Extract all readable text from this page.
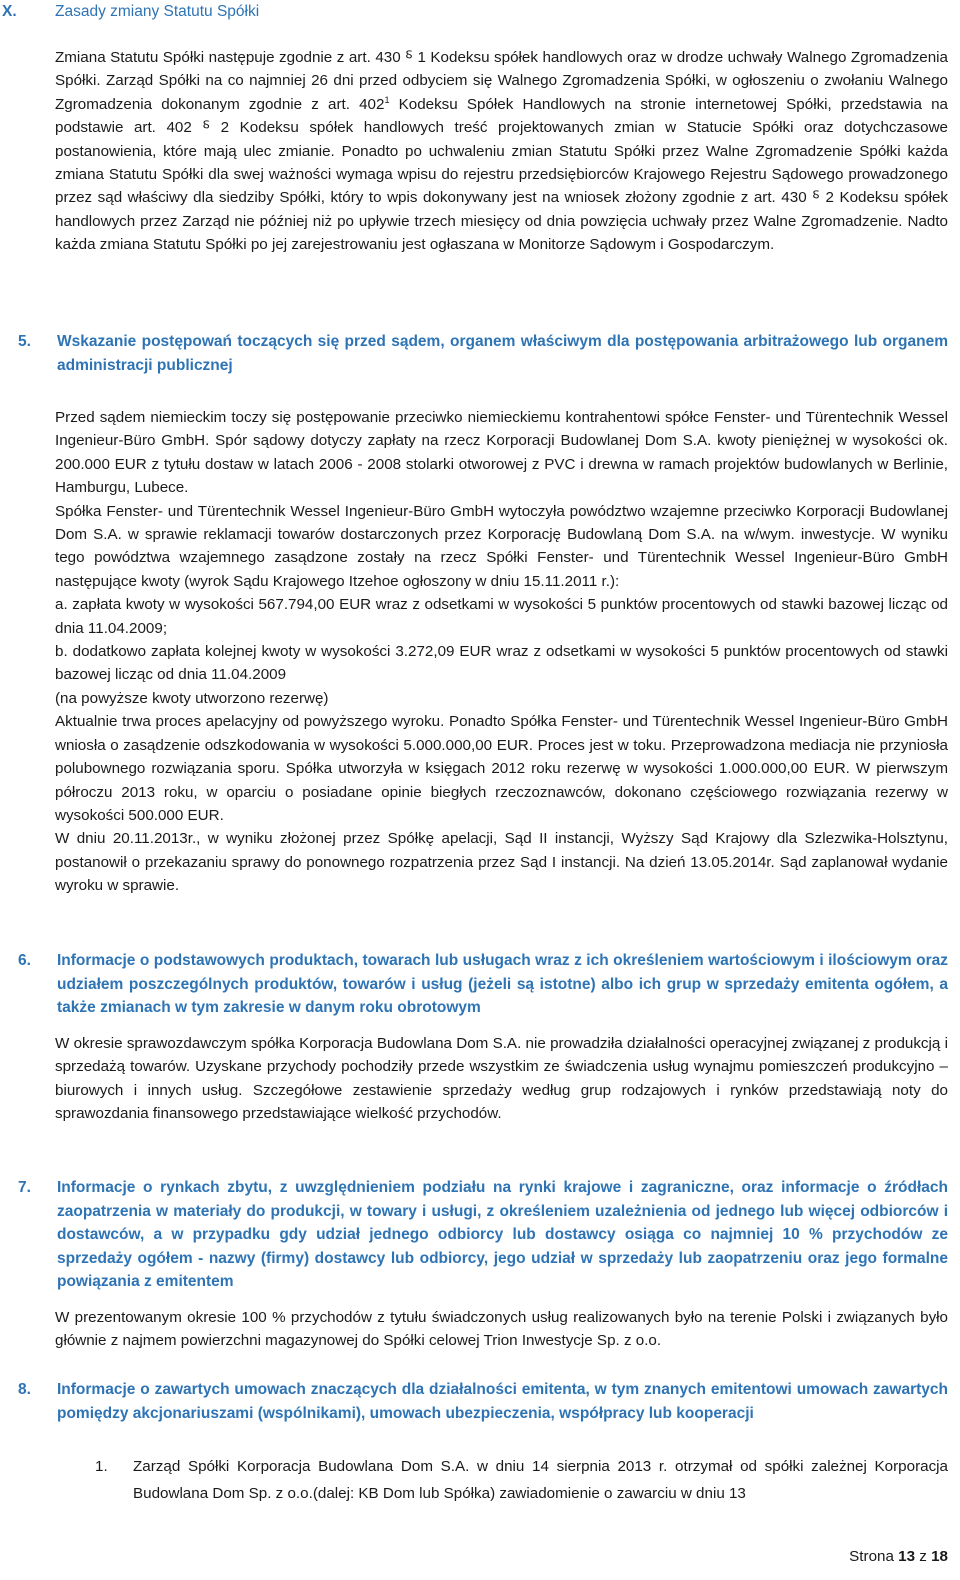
X. Zasady zmiany Statutu Spółki

Zmiana Statutu Spółki następuje zgodnie z art. 430 ⸹ 1 Kodeksu spółek handlowych oraz w drodze uchwały Walnego Zgromadzenia Spółki. Zarząd Spółki na co najmniej 26 dni przed odbyciem się Walnego Zgromadzenia Spółki, w ogłoszeniu o zwołaniu Walnego Zgromadzenia dokonanym zgodnie z art. $402^1$ Kodeksu Spółek Handlowych na stronie internetowej Spółki, przedstawia na podstawie art. 402 ⸹ 2 Kodeksu spółek handlowych treść projektowanych zmian w Statucie Spółki oraz dotychczasowe postanowienia, które mają ulec zmianie. Ponadto po uchwaleniu zmian Statutu Spółki przez Walne Zgromadzenie Spółki każda zmiana Statutu Spółki dla swej ważności wymaga wpisu do rejestru przedsiębiorców Krajowego Rejestru Sądowego prowadzonego przez sąd właściwy dla siedziby Spółki, który to wpis dokonywany jest na wniosek złożony zgodnie z art. 430 ⸹ 2 Kodeksu spółek handlowych przez Zarząd nie później niż po upływie trzech miesięcy od dnia powzięcia uchwały przez Walne Zgromadzenie. Nadto każda zmiana Statutu Spółki po jej zarejestrowaniu jest ogłaszana w Monitorze Sądowym i Gospodarczym.

5. Wskazanie postępowań toczących się przed sądem, organem właściwym dla postępowania arbitrażowego lub organem administracji publicznej

Przed sądem niemieckim toczy się postępowanie przeciwko niemieckiemu kontrahentowi spółce Fenster- und Türentechnik Wessel Ingenieur-Büro GmbH. Spór sądowy dotyczy zapłaty na rzecz Korporacji Budowlanej Dom S.A. kwoty pieniężnej w wysokości ok. 200.000 EUR z tytułu dostaw w latach 2006 - 2008 stolarki otworowej z PVC i drewna w ramach projektów budowlanych w Berlinie, Hamburgu, Lubece.

Spółka Fenster- und Türentechnik Wessel Ingenieur-Büro GmbH wytoczyła powództwo wzajemne przeciwko Korporacji Budowlanej Dom S.A. w sprawie reklamacji towarów dostarczonych przez Korporację Budowlaną Dom S.A. na w/wym. inwestycje. W wyniku tego powództwa wzajemnego zasądzone zostały na rzecz Spółki Fenster- und Türentechnik Wessel Ingenieur-Büro GmbH następujące kwoty (wyrok Sądu Krajowego Itzehoe ogłoszony w dniu 15.11.2011 r.):

a. zapłata kwoty w wysokości 567.794,00 EUR wraz z odsetkami w wysokości 5 punktów procentowych od stawki bazowej licząc od dnia 11.04.2009;

b. dodatkowo zapłata kolejnej kwoty w wysokości 3.272,09 EUR wraz z odsetkami w wysokości 5 punktów procentowych od stawki bazowej licząc od dnia 11.04.2009

(na powyższe kwoty utworzono rezerwę)

Aktualnie trwa proces apelacyjny od powyższego wyroku. Ponadto Spółka Fenster- und Türentechnik Wessel Ingenieur-Büro GmbH wniosła o zasądzenie odszkodowania w wysokości 5.000.000,00 EUR. Proces jest w toku. Przeprowadzona mediacja nie przyniosła polubownego rozwiązania sporu. Spółka utworzyła w księgach 2012 roku rezerwę w wysokości 1.000.000,00 EUR. W pierwszym półroczu 2013 roku, w oparciu o posiadane opinie biegłych rzeczoznawców, dokonano częściowego rozwiązania rezerwy w wysokości 500.000 EUR.

W dniu 20.11.2013r., w wyniku złożonej przez Spółkę apelacji, Sąd II instancji, Wyższy Sąd Krajowy dla Szlezwika-Holsztynu, postanowił o przekazaniu sprawy do ponownego rozpatrzenia przez Sąd I instancji. Na dzień 13.05.2014r. Sąd zaplanował wydanie wyroku w sprawie.

6. Informacje o podstawowych produktach, towarach lub usługach wraz z ich określeniem wartościowym i ilościowym oraz udziałem poszczególnych produktów, towarów i usług (jeżeli są istotne) albo ich grup w sprzedaży emitenta ogółem, a także zmianach w tym zakresie w danym roku obrotowym

W okresie sprawozdawczym spółka Korporacja Budowlana Dom S.A. nie prowadziła działalności operacyjnej związanej z produkcją i sprzedażą towarów. Uzyskane przychody pochodziły przede wszystkim ze świadczenia usług wynajmu pomieszczeń produkcyjno – biurowych i innych usług. Szczegółowe zestawienie sprzedaży według grup rodzajowych i rynków przedstawiają noty do sprawozdania finansowego przedstawiające wielkość przychodów.

7. Informacje o rynkach zbytu, z uwzględnieniem podziału na rynki krajowe i zagraniczne, oraz informacje o źródłach zaopatrzenia w materiały do produkcji, w towary i usługi, z określeniem uzależnienia od jednego lub więcej odbiorców i dostawców, a w przypadku gdy udział jednego odbiorcy lub dostawcy osiąga co najmniej 10 % przychodów ze sprzedaży ogółem - nazwy (firmy) dostawcy lub odbiorcy, jego udział w sprzedaży lub zaopatrzeniu oraz jego formalne powiązania z emitentem

W prezentowanym okresie 100 % przychodów z tytułu świadczonych usług realizowanych było na terenie Polski i związanych było głównie z najmem powierzchni magazynowej do Spółki celowej Trion Inwestycje Sp. z o.o.

8. Informacje o zawartych umowach znaczących dla działalności emitenta, w tym znanych emitentowi umowach zawartych pomiędzy akcjonariuszami (wspólnikami), umowach ubezpieczenia, współpracy lub kooperacji
1. Zarząd Spółki Korporacja Budowlana Dom S.A. w dniu 14 sierpnia 2013 r. otrzymał od spółki zależnej Korporacja Budowlana Dom Sp. z o.o.(dalej: KB Dom lub Spółka) zawiadomienie o zawarciu w dniu 13
Strona 13 z 18
